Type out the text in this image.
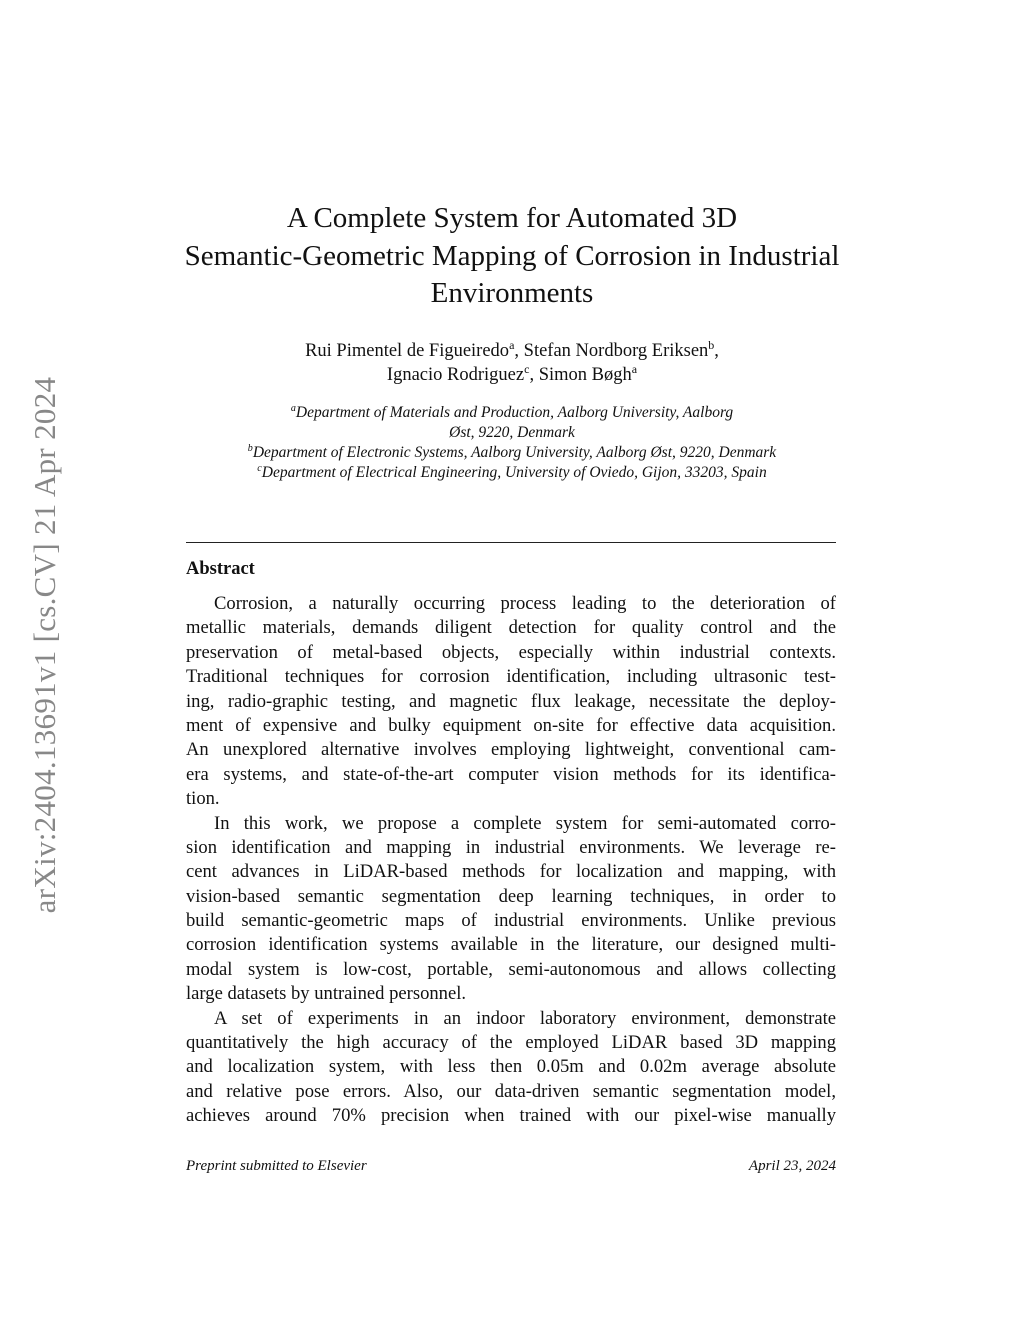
arXiv:2404.13691v1 [cs.CV] 21 Apr 2024
A Complete System for Automated 3D
Semantic-Geometric Mapping of Corrosion in Industrial
Environments
Rui Pimentel de Figueiredo$^a$, Stefan Nordborg Eriksen$^b$,
Ignacio Rodriguez$^c$, Simon Bøgh$^a$
$^a$Department of Materials and Production, Aalborg University, Aalborg
Øst, 9220, Denmark
$^b$Department of Electronic Systems, Aalborg University, Aalborg Øst, 9220, Denmark
$^c$Department of Electrical Engineering, University of Oviedo, Gijon, 33203, Spain
Abstract
Corrosion, a naturally occurring process leading to the deterioration of
metallic materials, demands diligent detection for quality control and the
preservation of metal-based objects, especially within industrial contexts.
Traditional techniques for corrosion identification, including ultrasonic test-
ing, radio-graphic testing, and magnetic flux leakage, necessitate the deploy-
ment of expensive and bulky equipment on-site for effective data acquisition.
An unexplored alternative involves employing lightweight, conventional cam-
era systems, and state-of-the-art computer vision methods for its identifica-
tion.
In this work, we propose a complete system for semi-automated corro-
sion identification and mapping in industrial environments. We leverage re-
cent advances in LiDAR-based methods for localization and mapping, with
vision-based semantic segmentation deep learning techniques, in order to
build semantic-geometric maps of industrial environments. Unlike previous
corrosion identification systems available in the literature, our designed multi-
modal system is low-cost, portable, semi-autonomous and allows collecting
large datasets by untrained personnel.
A set of experiments in an indoor laboratory environment, demonstrate
quantitatively the high accuracy of the employed LiDAR based 3D mapping
and localization system, with less then 0.05m and 0.02m average absolute
and relative pose errors. Also, our data-driven semantic segmentation model,
achieves around 70% precision when trained with our pixel-wise manually
Preprint submitted to Elsevier	April 23, 2024
